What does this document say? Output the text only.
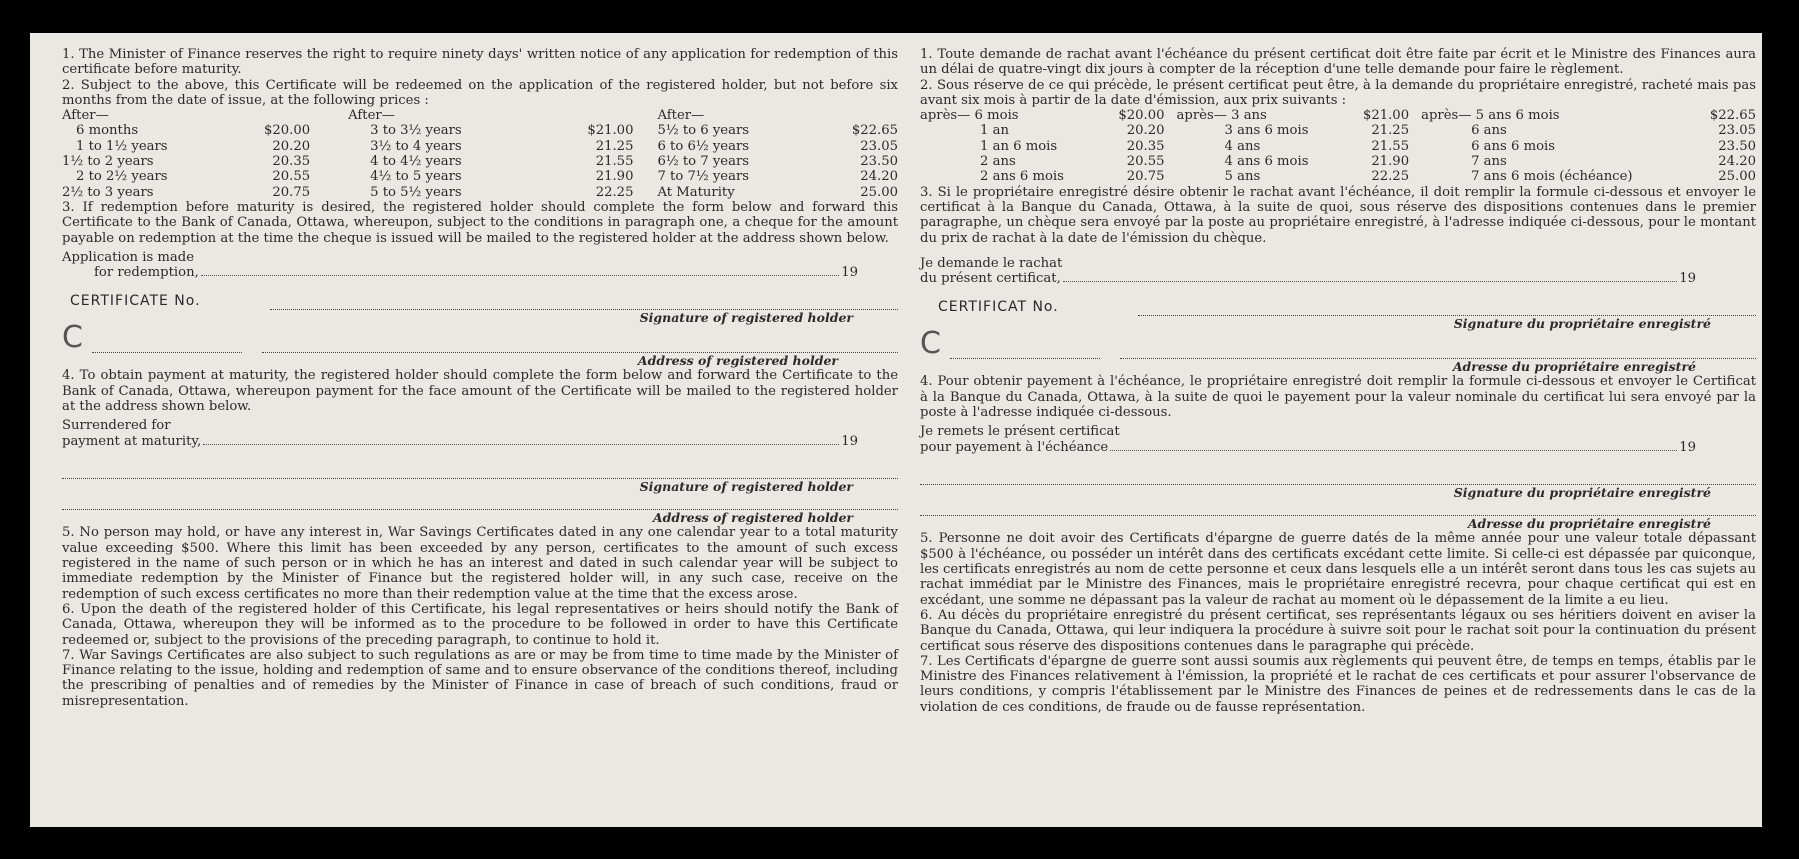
1. The Minister of Finance reserves the right to require ninety days' written notice of any application for redemption of this certificate before maturity.

2. Subject to the above, this Certificate will be redeemed on the application of the registered holder, but not before six months from the date of issue, at the following prices :

After—		After—		After—	
6 months	$20.00	3 to 3½ years	$21.00	5½ to 6 years	$22.65
1 to 1½ years	20.20	3½ to 4 years	21.25	6 to 6½ years	23.05
1½ to 2 years	20.35	4 to 4½ years	21.55	6½ to 7 years	23.50
2 to 2½ years	20.55	4½ to 5 years	21.90	7 to 7½ years	24.20
2½ to 3 years	20.75	5 to 5½ years	22.25	At Maturity	25.00

3. If redemption before maturity is desired, the registered holder should complete the form below and forward this Certificate to the Bank of Canada, Ottawa, whereupon, subject to the conditions in paragraph one, a cheque for the amount payable on redemption at the time the cheque is issued will be mailed to the registered holder at the address shown below.

Application is made
for redemption,	19
CERTIFICATE No.
Signature of registered holder
C
Address of registered holder

4. To obtain payment at maturity, the registered holder should complete the form below and forward the Certificate to the Bank of Canada, Ottawa, whereupon payment for the face amount of the Certificate will be mailed to the registered holder at the address shown below.

Surrendered for
payment at maturity,	19
Signature of registered holder
Address of registered holder

5. No person may hold, or have any interest in, War Savings Certificates dated in any one calendar year to a total maturity value exceeding $500. Where this limit has been exceeded by any person, certificates to the amount of such excess registered in the name of such person or in which he has an interest and dated in such calendar year will be subject to immediate redemption by the Minister of Finance but the registered holder will, in any such case, receive on the redemption of such excess certificates no more than their redemption value at the time that the excess arose.

6. Upon the death of the registered holder of this Certificate, his legal representatives or heirs should notify the Bank of Canada, Ottawa, whereupon they will be informed as to the procedure to be followed in order to have this Certificate redeemed or, subject to the provisions of the preceding paragraph, to continue to hold it.

7. War Savings Certificates are also subject to such regulations as are or may be from time to time made by the Minister of Finance relating to the issue, holding and redemption of same and to ensure observance of the conditions thereof, including the prescribing of penalties and of remedies by the Minister of Finance in case of breach of such conditions, fraud or misrepresentation.

1. Toute demande de rachat avant l'échéance du présent certificat doit être faite par écrit et le Ministre des Finances aura un délai de quatre-vingt dix jours à compter de la réception d'une telle demande pour faire le règlement.

2. Sous réserve de ce qui précède, le présent certificat peut être, à la demande du propriétaire enregistré, racheté mais pas avant six mois à partir de la date d'émission, aux prix suivants :

après— 6 mois	$20.00	après— 3 ans	$21.00	après— 5 ans 6 mois	$22.65
1 an	20.20	3 ans 6 mois	21.25	6 ans	23.05
1 an 6 mois	20.35	4 ans	21.55	6 ans 6 mois	23.50
2 ans	20.55	4 ans 6 mois	21.90	7 ans	24.20
2 ans 6 mois	20.75	5 ans	22.25	7 ans 6 mois (échéance)	25.00

3. Si le propriétaire enregistré désire obtenir le rachat avant l'échéance, il doit remplir la formule ci-dessous et envoyer le certificat à la Banque du Canada, Ottawa, à la suite de quoi, sous réserve des dispositions contenues dans le premier paragraphe, un chèque sera envoyé par la poste au propriétaire enregistré, à l'adresse indiquée ci-dessous, pour le montant du prix de rachat à la date de l'émission du chèque.

Je demande le rachat
du présent certificat,	19
CERTIFICAT No.
Signature du propriétaire enregistré
C
Adresse du propriétaire enregistré

4. Pour obtenir payement à l'échéance, le propriétaire enregistré doit remplir la formule ci-dessous et envoyer le Certificat à la Banque du Canada, Ottawa, à la suite de quoi le payement pour la valeur nominale du certificat lui sera envoyé par la poste à l'adresse indiquée ci-dessous.

Je remets le présent certificat
pour payement à l'échéance	19
Signature du propriétaire enregistré
Adresse du propriétaire enregistré

5. Personne ne doit avoir des Certificats d'épargne de guerre datés de la même année pour une valeur totale dépassant $500 à l'échéance, ou posséder un intérêt dans des certificats excédant cette limite. Si celle-ci est dépassée par quiconque, les certificats enregistrés au nom de cette personne et ceux dans lesquels elle a un intérêt seront dans tous les cas sujets au rachat immédiat par le Ministre des Finances, mais le propriétaire enregistré recevra, pour chaque certificat qui est en excédant, une somme ne dépassant pas la valeur de rachat au moment où le dépassement de la limite a eu lieu.

6. Au décès du propriétaire enregistré du présent certificat, ses représentants légaux ou ses héritiers doivent en aviser la Banque du Canada, Ottawa, qui leur indiquera la procédure à suivre soit pour le rachat soit pour la continuation du présent certificat sous réserve des dispositions contenues dans le paragraphe qui précède.

7. Les Certificats d'épargne de guerre sont aussi soumis aux règlements qui peuvent être, de temps en temps, établis par le Ministre des Finances relativement à l'émission, la propriété et le rachat de ces certificats et pour assurer l'observance de leurs conditions, y compris l'établissement par le Ministre des Finances de peines et de redressements dans le cas de la violation de ces conditions, de fraude ou de fausse représentation.
